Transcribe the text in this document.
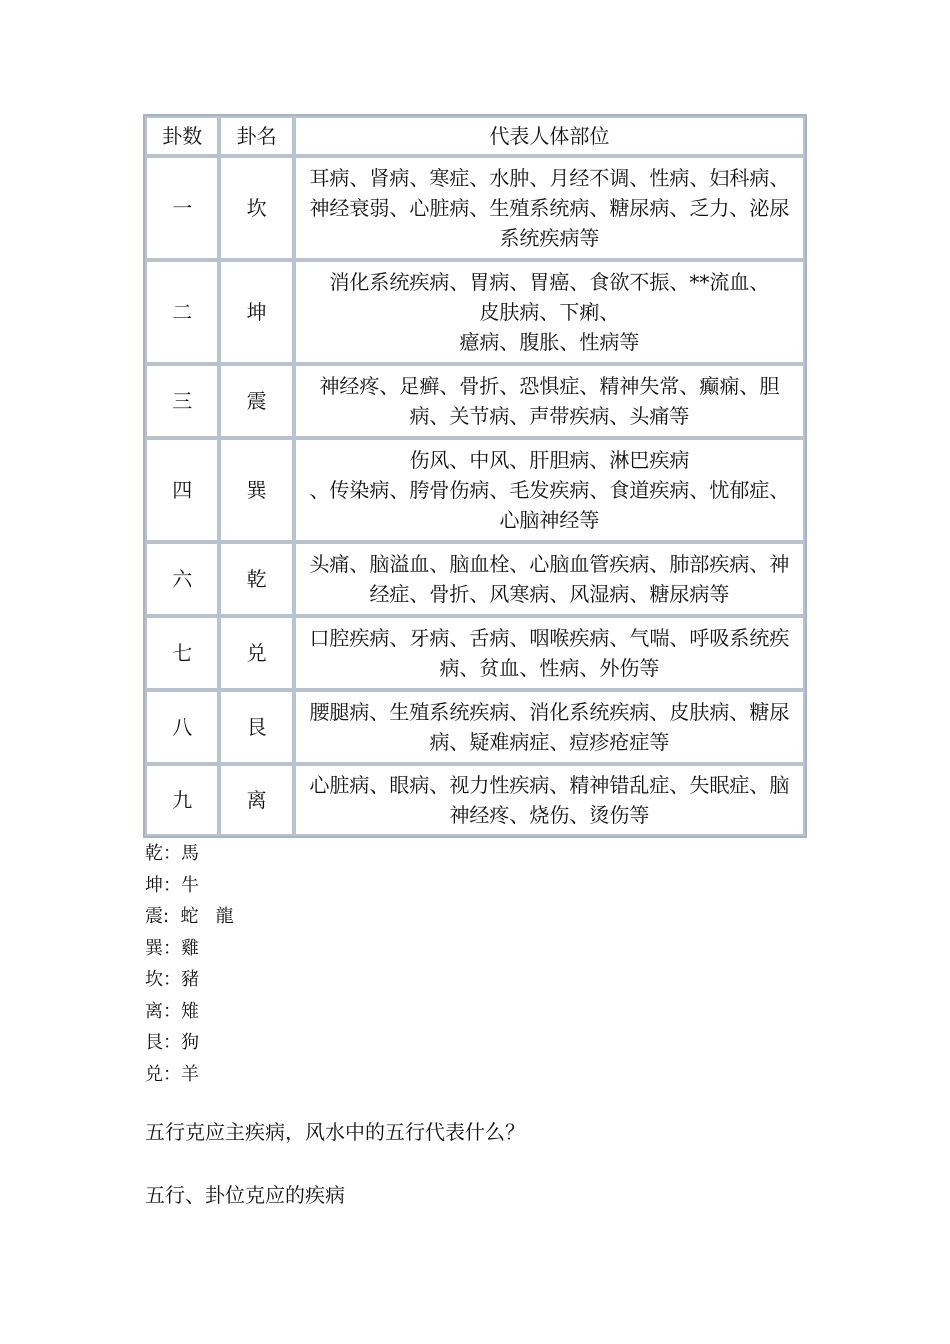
卦数	卦名	代表人体部位
一	坎	耳病、肾病、寒症、水肿、月经不调、性病、妇科病、神经衰弱、心脏病、生殖系统病、糖尿病、乏力、泌尿系统疾病等
二	坤	消化系统疾病、胃病、胃癌、食欲不振、**流血、
皮肤病、下痢、
癔病、腹胀、性病等
三	震	神经疼、足癣、骨折、恐惧症、精神失常、癫痫、胆病、关节病、声带疾病、头痛等
四	巽	伤风、中风、肝胆病、淋巴疾病
、传染病、胯骨伤病、毛发疾病、食道疾病、忧郁症、心脑神经等
六	乾	头痛、脑溢血、脑血栓、心脑血管疾病、肺部疾病、神经症、骨折、风寒病、风湿病、糖尿病等
七	兑	口腔疾病、牙病、舌病、咽喉疾病、气喘、呼吸系统疾病、贫血、性病、外伤等
八	艮	腰腿病、生殖系统疾病、消化系统疾病、皮肤病、糖尿病、疑难病症、痘疹疮症等
九	离	心脏病、眼病、视力性疾病、精神错乱症、失眠症、脑神经疼、烧伤、烫伤等
乾：馬
坤：牛
震:  蛇   龍
巽：雞
坎：豬
离：雉
艮：狗
兑：羊
五行克应主疾病，风水中的五行代表什么？
五行、卦位克应的疾病
